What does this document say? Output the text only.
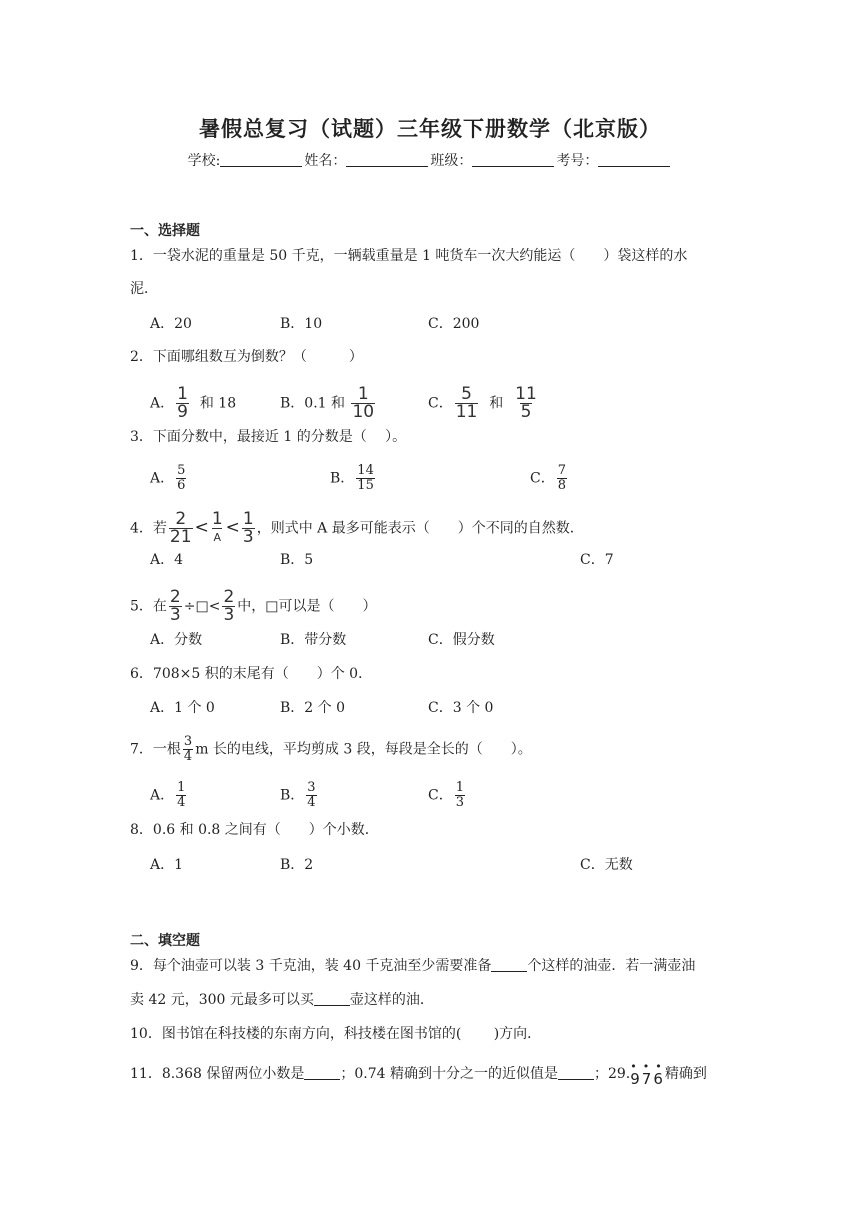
暑假总复习（试题）三年级下册数学（北京版）
学校:	姓名：	班级：	考号：
一、选择题
1．一袋水泥的重量是 50 千克，一辆载重量是 1 吨货车一次大约能运（　　）袋这样的水
泥．
A．20	B．10	C．200
2．下面哪组数互为倒数？（　　　）
A． $\frac{1}{9}$ 和 18	B．0.1 和 $\frac{1}{10}$	C． $\frac{5}{11}$ 和 $\frac{11}{5}$
3．下面分数中，最接近 1 的分数是（　 ）。
A． $\frac{5}{6}$	B． $\frac{14}{15}$	C． $\frac{7}{8}$
4．若 $\frac{2}{21} < \frac{1}{A} < \frac{1}{3}$ ，则式中 A 最多可能表示（　　）个不同的自然数．
A．4	B．5	C．7
5．在 $\frac{2}{3}$ ÷□< $\frac{2}{3}$ 中，□可以是（　　）
A．分数	B．带分数	C．假分数
6．708×5 积的末尾有（　　）个 0．
A．1 个 0	B．2 个 0	C．3 个 0
7．一根 $\frac{3}{4}$ m 长的电线，平均剪成 3 段，每段是全长的（　　）。
A． $\frac{1}{4}$	B． $\frac{3}{4}$	C． $\frac{1}{3}$
8．0.6 和 0.8 之间有（　　）个小数．
A．1	B．2	C．无数
二、填空题
9．每个油壶可以装 3 千克油，装 40 千克油至少需要准备	个这样的油壶．若一满壶油
卖 42 元，300 元最多可以买	壶这样的油．
10．图书馆在科技楼的东南方向，科技楼在图书馆的(　　 )方向．
11．8.368 保留两位小数是	；0.74 精确到十分之一的近似值是	；29. •••
976精确到
